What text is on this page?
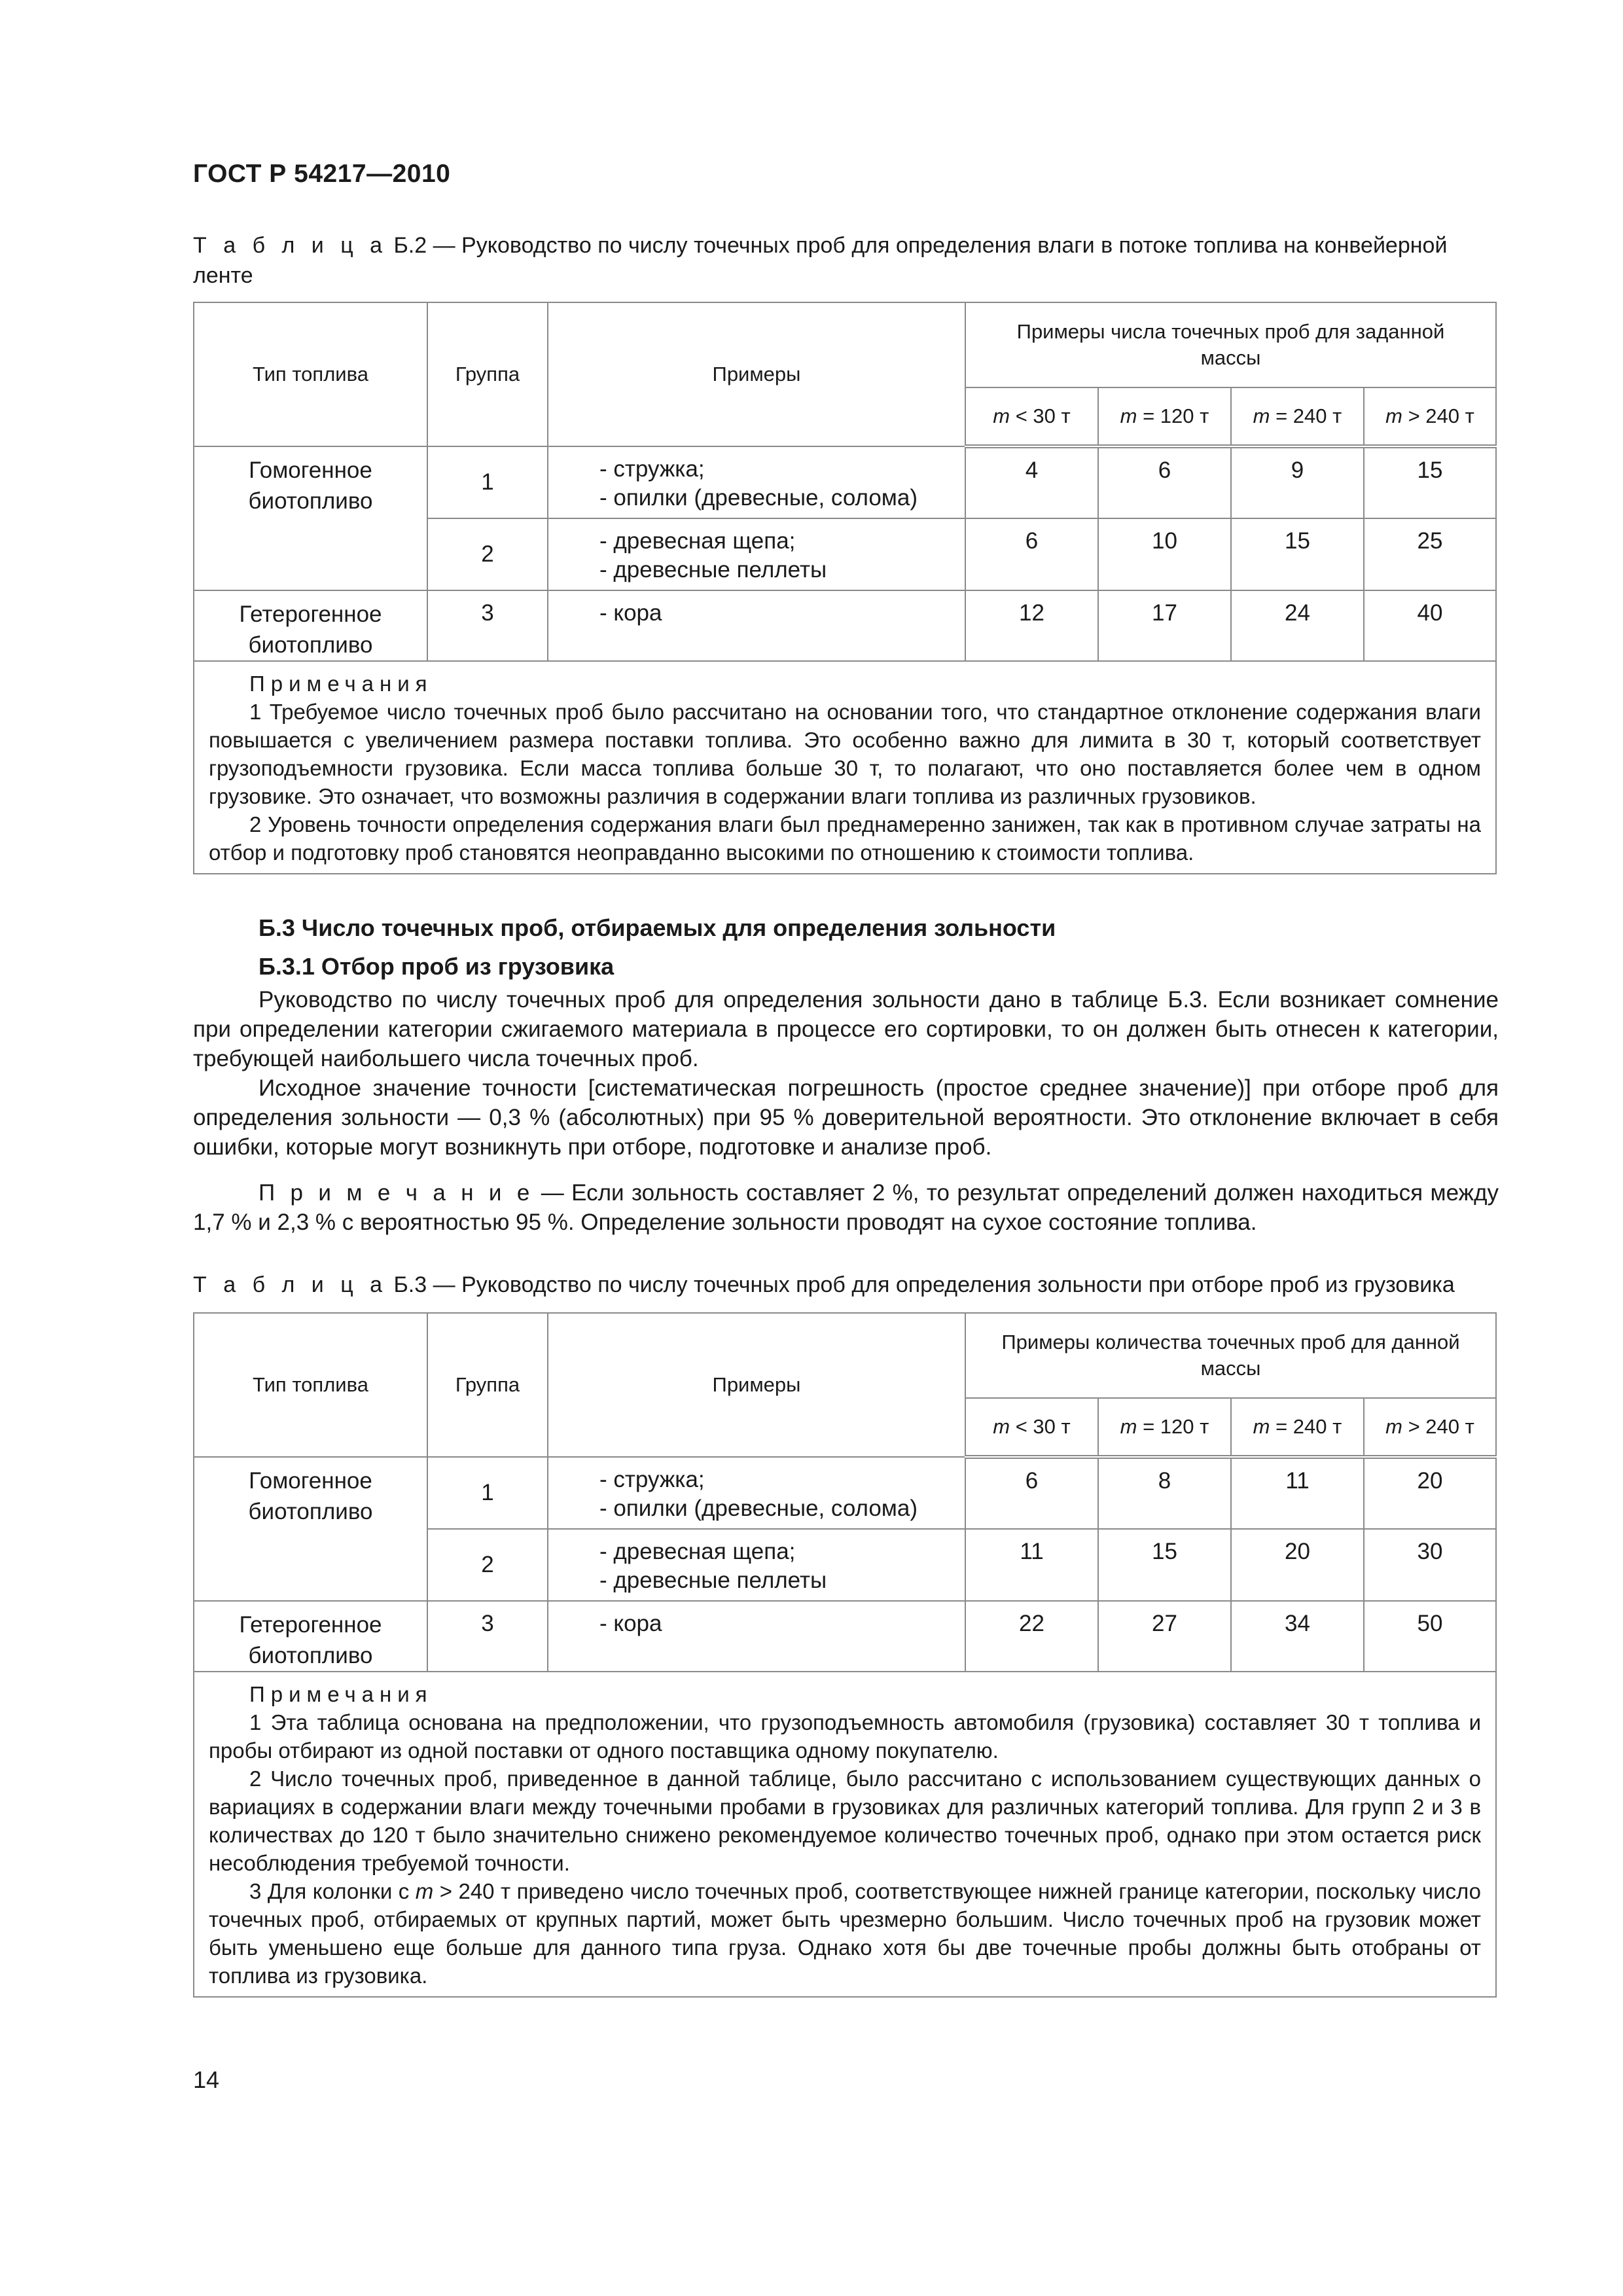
ГОСТ Р 54217—2010
Т а б л и ц а Б.2 — Руководство по числу точечных проб для определения влаги в потоке топлива на конвейерной ленте
Тип топлива	Группа	Примеры	Примеры числа точечных проб для заданной массы			
			m < 30 т	m = 120 т	m = 240 т	m > 240 т
Гомогенное биотопливо	1	- стружка;
- опилки (древесные, солома)	4	6	9	15
	2	- древесная щепа;
- древесные пеллеты	6	10	15	25
Гетерогенное биотопливо	3	- кора	12	17	24	40

Примечания

1 Требуемое число точечных проб было рассчитано на основании того, что стандартное отклонение содержания влаги повышается с увеличением размера поставки топлива. Это особенно важно для лимита в 30 т, который соответствует грузоподъемности грузовика. Если масса топлива больше 30 т, то полагают, что оно поставляется более чем в одном грузовике. Это означает, что возможны различия в содержании влаги топлива из различных грузовиков.

2 Уровень точности определения содержания влаги был преднамеренно занижен, так как в противном случае затраты на отбор и подготовку проб становятся неоправданно высокими по отношению к стоимости топлива.						

Б.3 Число точечных проб, отбираемых для определения зольности
Б.3.1 Отбор проб из грузовика

Руководство по числу точечных проб для определения зольности дано в таблице Б.3. Если возникает сомнение при определении категории сжигаемого материала в процессе его сортировки, то он должен быть отнесен к категории, требующей наибольшего числа точечных проб.

Исходное значение точности [систематическая погрешность (простое среднее значение)] при отборе проб для определения зольности — 0,3 % (абсолютных) при 95 % доверительной вероятности. Это отклонение включает в себя ошибки, которые могут возникнуть при отборе, подготовке и анализе проб.

П р и м е ч а н и е — Если зольность составляет 2 %, то результат определений должен находиться между 1,7 % и 2,3 % с вероятностью 95 %. Определение зольности проводят на сухое состояние топлива.

Т а б л и ц а Б.3 — Руководство по числу точечных проб для определения зольности при отборе проб из грузовика
Тип топлива	Группа	Примеры	Примеры количества точечных проб для данной массы			
			m < 30 т	m = 120 т	m = 240 т	m > 240 т
Гомогенное биотопливо	1	- стружка;
- опилки (древесные, солома)	6	8	11	20
	2	- древесная щепа;
- древесные пеллеты	11	15	20	30
Гетерогенное биотопливо	3	- кора	22	27	34	50

Примечания

1 Эта таблица основана на предположении, что грузоподъемность автомобиля (грузовика) составляет 30 т топлива и пробы отбирают из одной поставки от одного поставщика одному покупателю.

2 Число точечных проб, приведенное в данной таблице, было рассчитано с использованием существующих данных о вариациях в содержании влаги между точечными пробами в грузовиках для различных категорий топлива. Для групп 2 и 3 в количествах до 120 т было значительно снижено рекомендуемое количество точечных проб, однако при этом остается риск несоблюдения требуемой точности.

3 Для колонки с m > 240 т приведено число точечных проб, соответствующее нижней границе категории, поскольку число точечных проб, отбираемых от крупных партий, может быть чрезмерно большим. Число точечных проб на грузовик может быть уменьшено еще больше для данного типа груза. Однако хотя бы две точечные пробы должны быть отобраны от топлива из грузовика.						

14
